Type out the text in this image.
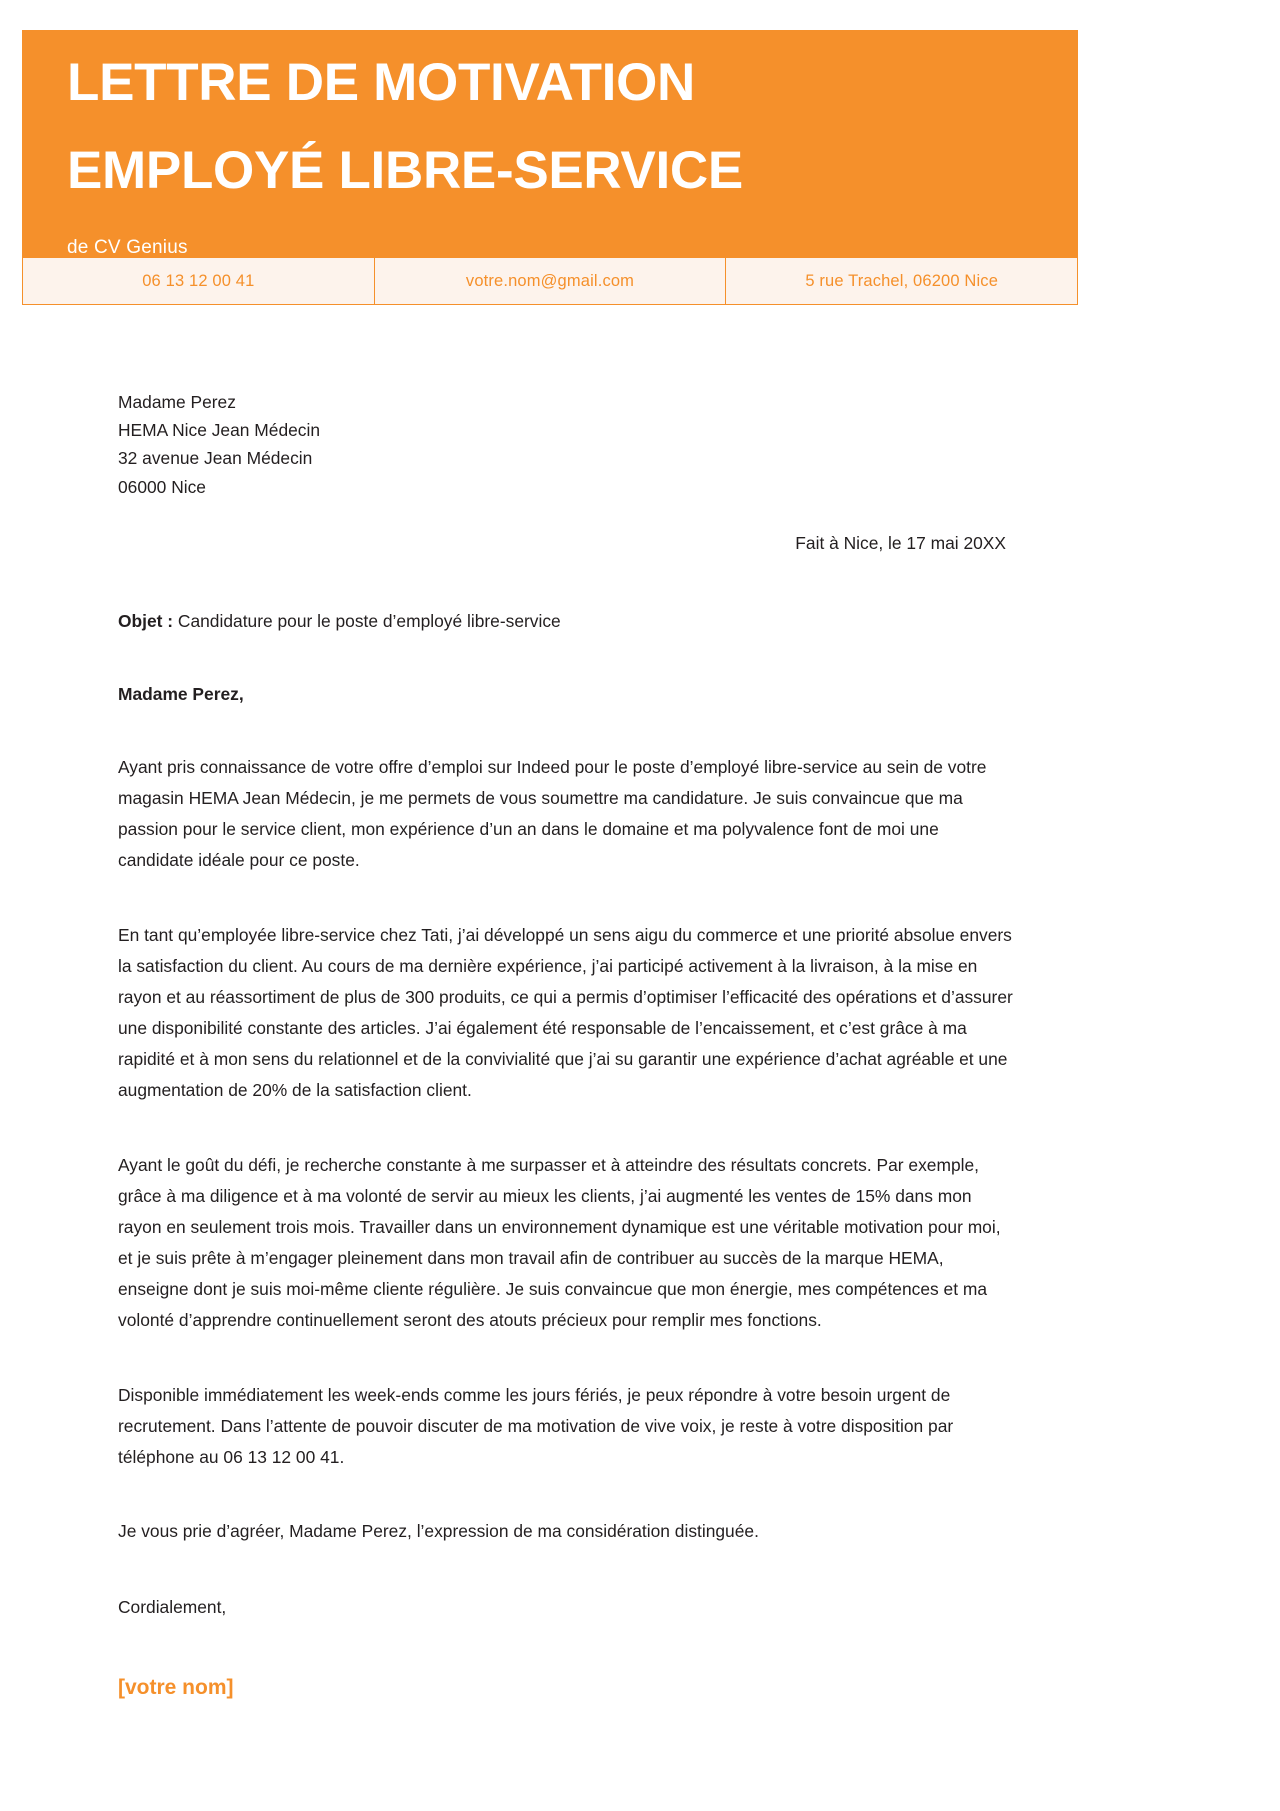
LETTRE DE MOTIVATION
EMPLOYÉ LIBRE-SERVICE
de CV Genius
06 13 12 00 41	votre.nom@gmail.com	5 rue Trachel, 06200 Nice
Madame Perez
HEMA Nice Jean Médecin
32 avenue Jean Médecin
06000 Nice
Fait à Nice, le 17 mai 20XX
Objet : Candidature pour le poste d’employé libre-service
Madame Perez,

Ayant pris connaissance de votre offre d’emploi sur Indeed pour le poste d’employé libre-service au sein de votre magasin HEMA Jean Médecin, je me permets de vous soumettre ma candidature. Je suis convaincue que ma passion pour le service client, mon expérience d’un an dans le domaine et ma polyvalence font de moi une candidate idéale pour ce poste.

En tant qu’employée libre-service chez Tati, j’ai développé un sens aigu du commerce et une priorité absolue envers la satisfaction du client. Au cours de ma dernière expérience, j’ai participé activement à la livraison, à la mise en rayon et au réassortiment de plus de 300 produits, ce qui a permis d’optimiser l’efficacité des opérations et d’assurer une disponibilité constante des articles. J’ai également été responsable de l’encaissement, et c’est grâce à ma rapidité et à mon sens du relationnel et de la convivialité que j’ai su garantir une expérience d’achat agréable et une augmentation de 20% de la satisfaction client.

Ayant le goût du défi, je recherche constante à me surpasser et à atteindre des résultats concrets. Par exemple, grâce à ma diligence et à ma volonté de servir au mieux les clients, j’ai augmenté les ventes de 15% dans mon rayon en seulement trois mois. Travailler dans un environnement dynamique est une véritable motivation pour moi, et je suis prête à m’engager pleinement dans mon travail afin de contribuer au succès de la marque HEMA, enseigne dont je suis moi-même cliente régulière. Je suis convaincue que mon énergie, mes compétences et ma volonté d’apprendre continuellement seront des atouts précieux pour remplir mes fonctions.

Disponible immédiatement les week-ends comme les jours fériés, je peux répondre à votre besoin urgent de recrutement. Dans l’attente de pouvoir discuter de ma motivation de vive voix, je reste à votre disposition par téléphone au 06 13 12 00 41.

Je vous prie d’agréer, Madame Perez, l’expression de ma considération distinguée.
Cordialement,
[votre nom]
